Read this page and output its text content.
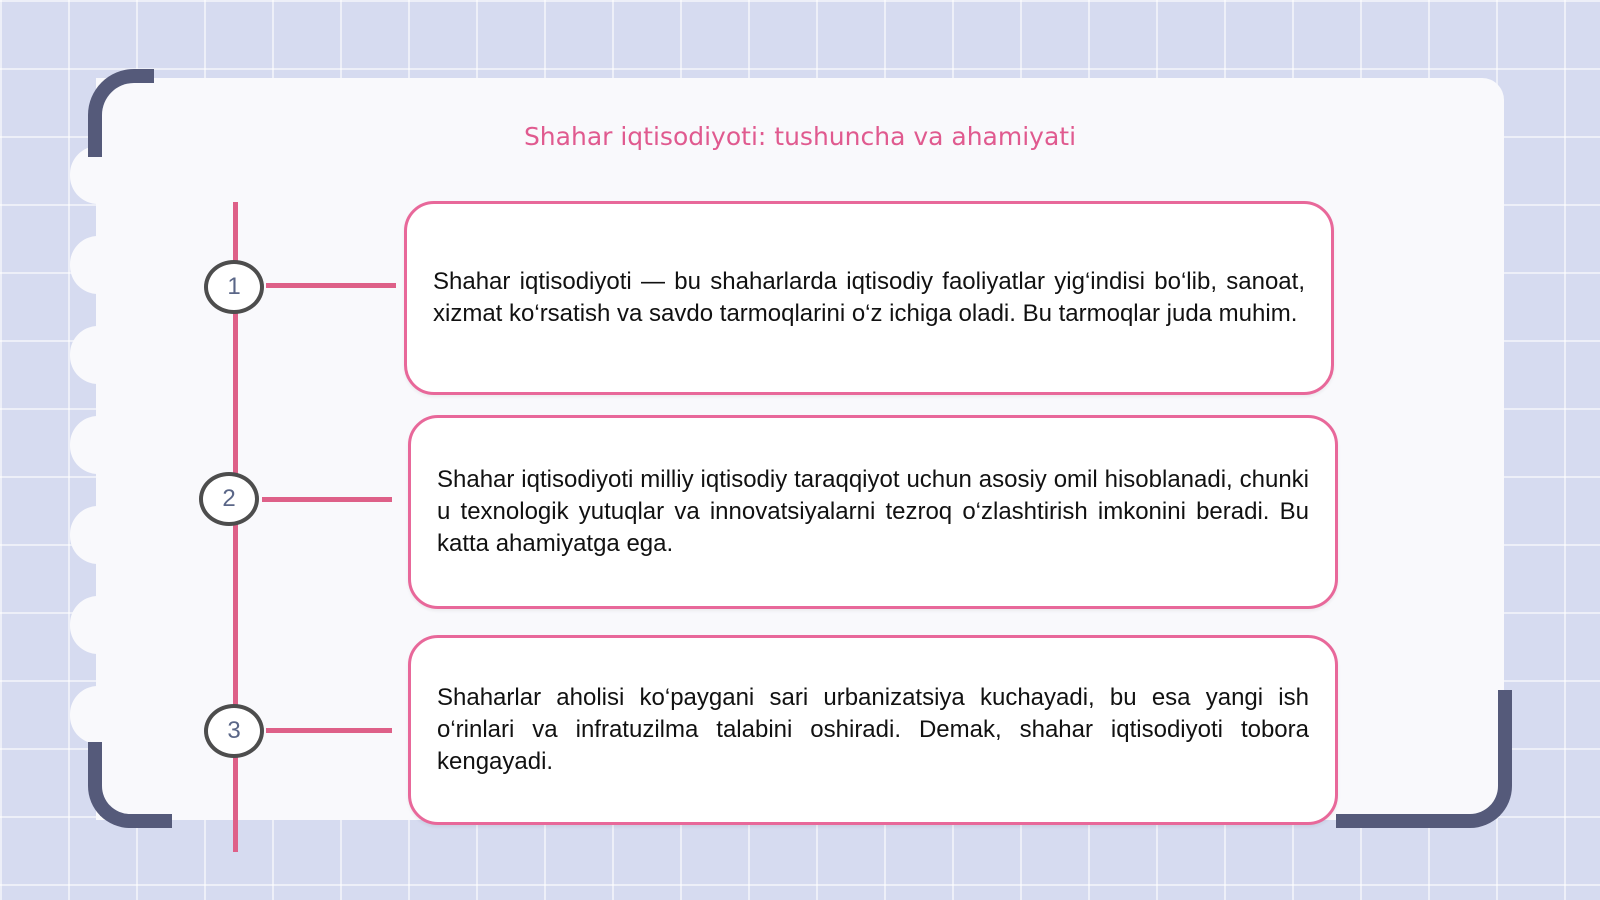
Shahar iqtisodiyoti: tushuncha va ahamiyati
1	Shahar iqtisodiyoti — bu shaharlarda iqtisodiy faoliyatlar yig‘indisi bo‘lib, sanoat, xizmat ko‘rsatish va savdo tarmoqlarini o‘z ichiga oladi. Bu tarmoqlar juda muhim.

2

Shahar iqtisodiyoti milliy iqtisodiy taraqqiyot uchun asosiy omil hisoblanadi, chunki u texnologik yutuqlar va innovatsiyalarni tezroq o‘zlashtirish imkonini beradi. Bu katta ahamiyatga ega.

3

Shaharlar aholisi ko‘paygani sari urbanizatsiya kuchayadi, bu esa yangi ish o‘rinlari va infratuzilma talabini oshiradi. Demak, shahar iqtisodiyoti tobora kengayadi.
